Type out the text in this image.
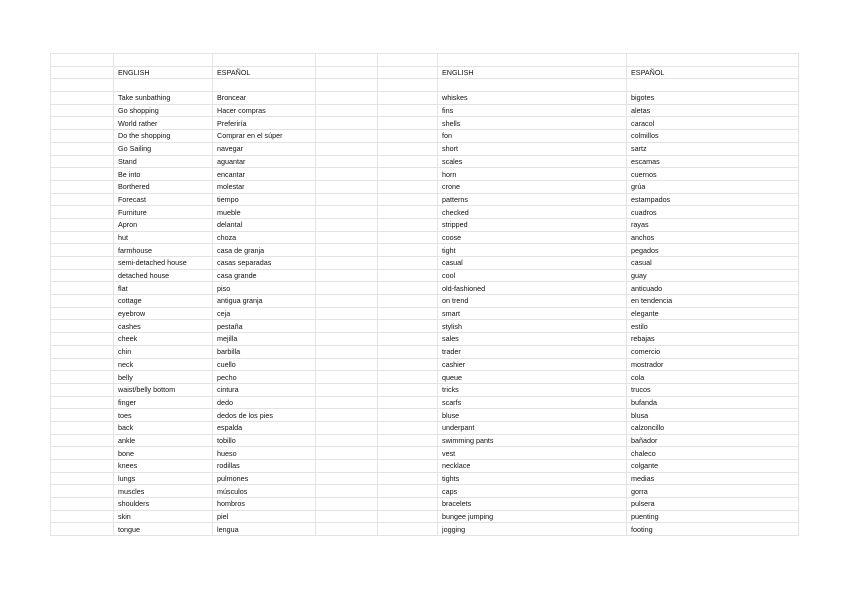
	ENGLISH	ESPAÑOL			ENGLISH	ESPAÑOL

	Take sunbathing	Broncear			whiskes	bigotes
	Go shopping	Hacer compras			fins	aletas
	World rather	Preferiría			shells	caracol
	Do the shopping	Comprar en el súper			fon	colmillos
	Go Sailing	navegar			short	sartz
	Stand	aguantar			scales	escamas
	Be into	encantar			horn	cuernos
	Borthered	molestar			crone	grúa
	Forecast	tiempo			patterns	estampados
	Furniture	mueble			checked	cuadros
	Apron	delantal			stripped	rayas
	hut	choza			coose	anchos
	farmhouse	casa de granja			tight	pegados
	semi-detached house	casas separadas			casual	casual
	detached house	casa grande			cool	guay
	flat	piso			old-fashioned	anticuado
	cottage	antigua granja			on trend	en tendencia
	eyebrow	ceja			smart	elegante
	cashes	pestaña			stylish	estilo
	cheek	mejilla			sales	rebajas
	chin	barbilla			trader	comercio
	neck	cuello			cashier	mostrador
	belly	pecho			queue	cola
	waist/belly bottom	cintura			tricks	trucos
	finger	dedo			scarfs	bufanda
	toes	dedos de los pies			bluse	blusa
	back	espalda			underpant	calzoncillo
	ankle	tobillo			swimming pants	bañador
	bone	hueso			vest	chaleco
	knees	rodillas			necklace	colgante
	lungs	pulmones			tights	medias
	muscles	músculos			caps	gorra
	shoulders	hombros			bracelets	pulsera
	skin	piel			bungee jumping	puenting
	tongue	lengua			jogging	footing
